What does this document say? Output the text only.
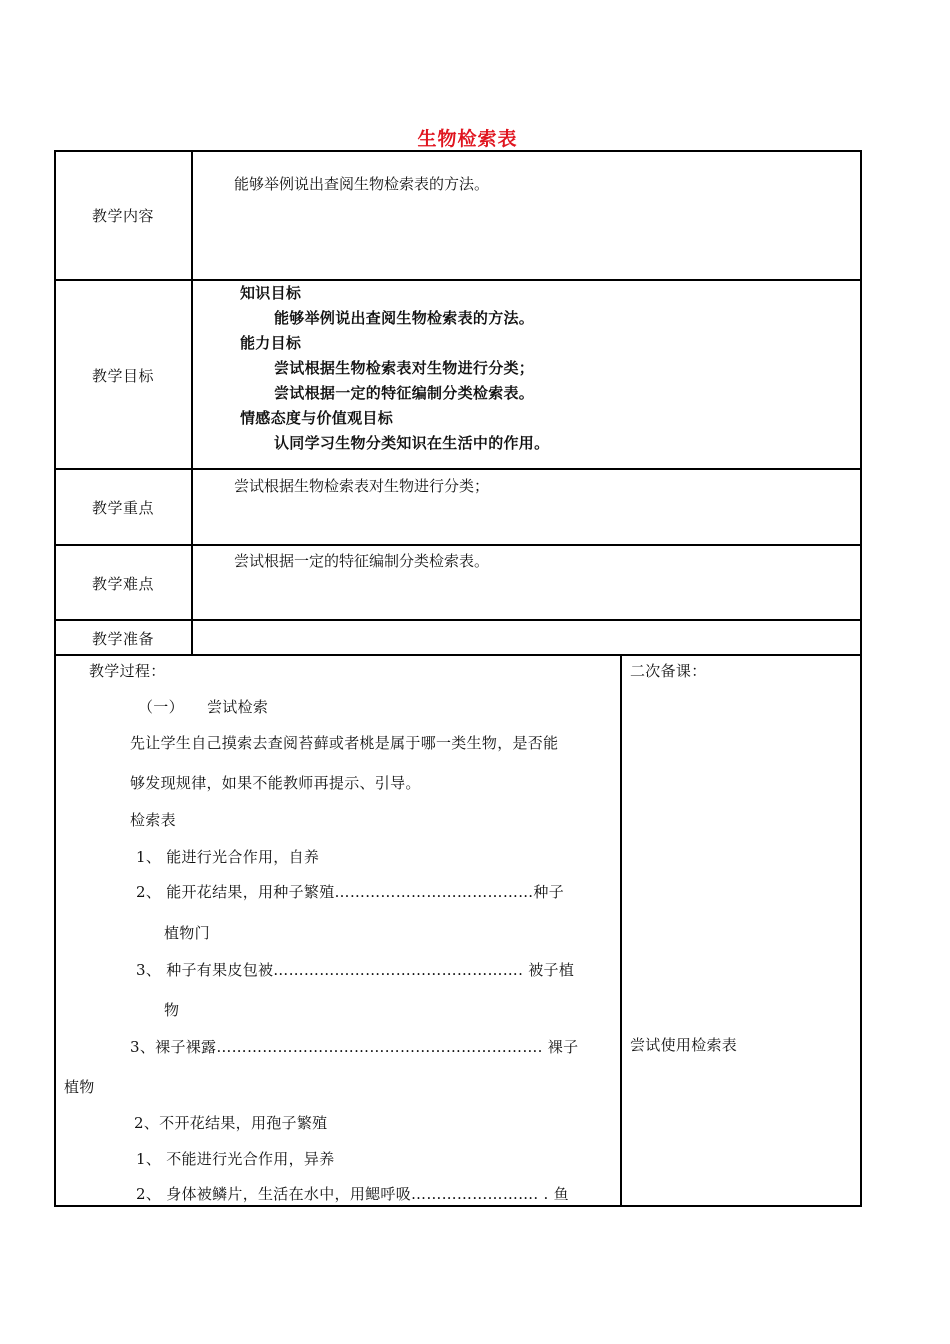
生物检索表
教学内容
能够举例说出查阅生物检索表的方法。
教学目标
知识目标
能够举例说出查阅生物检索表的方法。
能力目标
尝试根据生物检索表对生物进行分类；
尝试根据一定的特征编制分类检索表。
情感态度与价值观目标
认同学习生物分类知识在生活中的作用。
教学重点
尝试根据生物检索表对生物进行分类；
教学难点
尝试根据一定的特征编制分类检索表。
教学准备
教学过程：
（一）　　尝试检索
先让学生自己摸索去查阅苔藓或者桃是属于哪一类生物，是否能
够发现规律，如果不能教师再提示、引导。
检索表
1、 能进行光合作用，自养
2、 能开花结果，用种子繁殖…………………………………种子
植物门
3、 种子有果皮包被…………………………………………. 被子植
物
3、裸子裸露………………………………………………………. 裸子
植物
2、不开花结果，用孢子繁殖
1、 不能进行光合作用，异养
2、 身体被鳞片，生活在水中，用鳃呼吸……………………. . 鱼
二次备课：
尝试使用检索表
